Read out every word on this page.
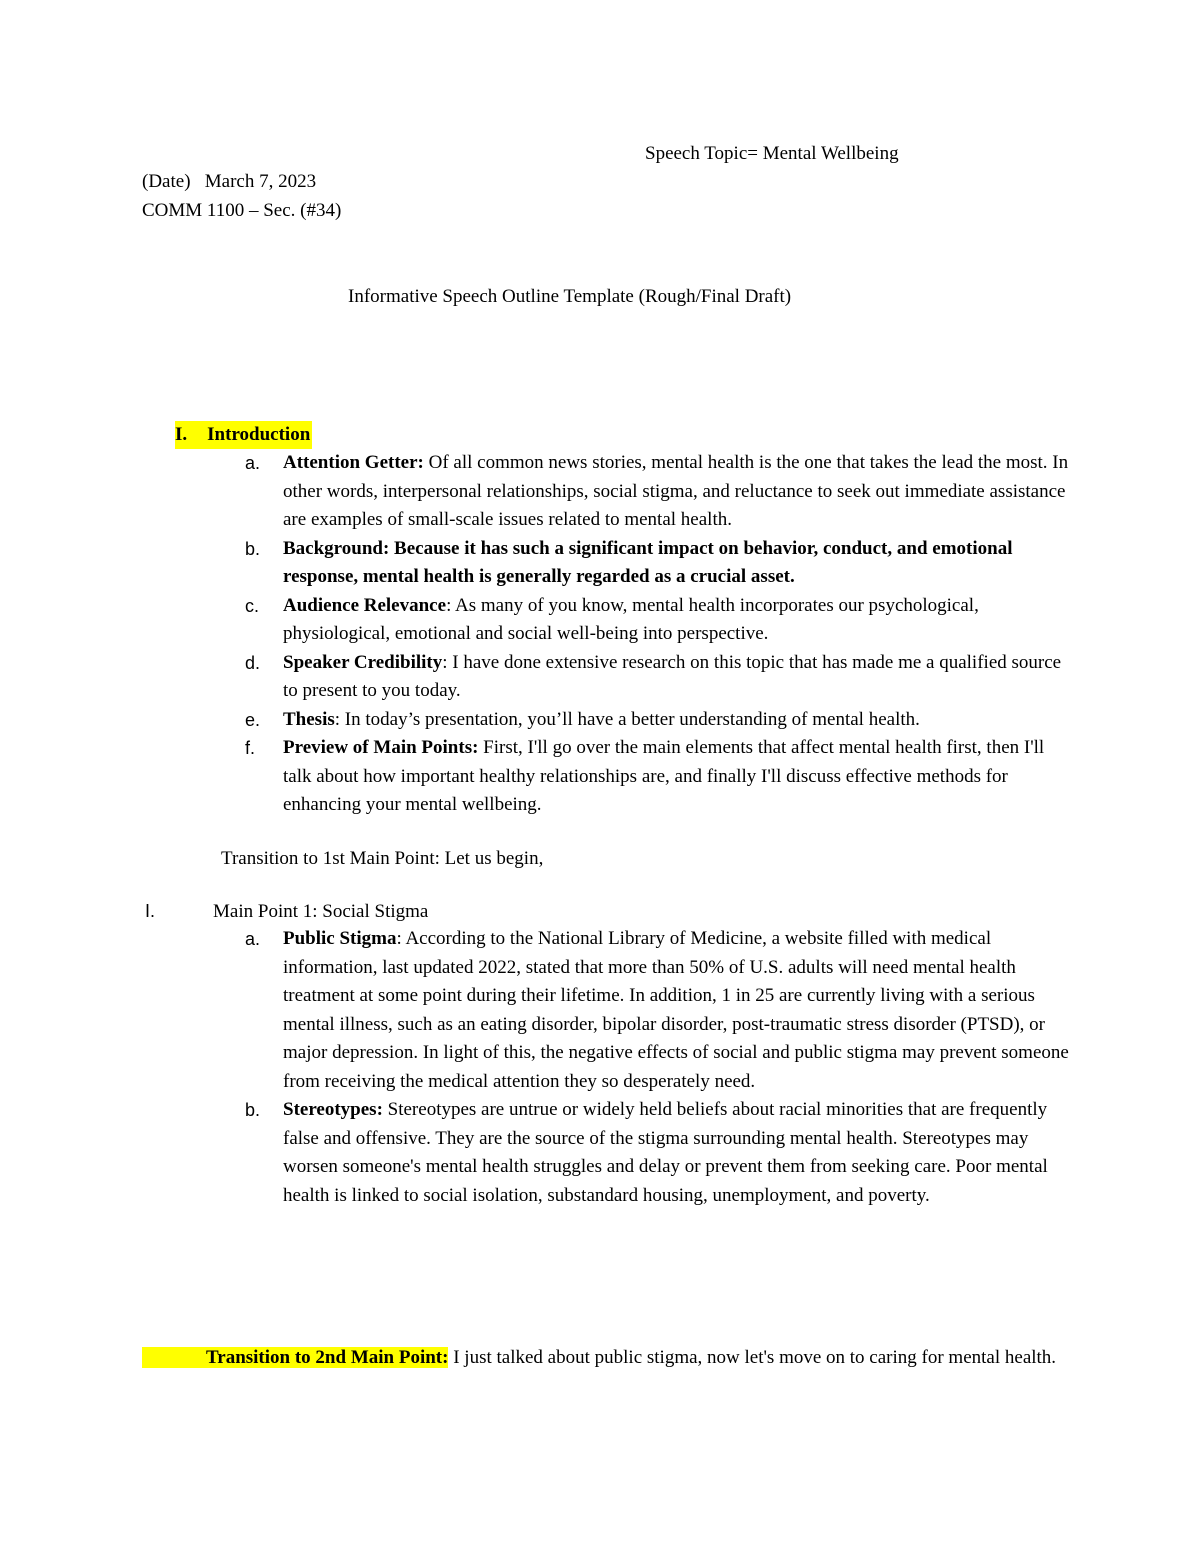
Speech Topic= Mental Wellbeing
(Date)   March 7, 2023
COMM 1100 – Sec. (#34)
Informative Speech Outline Template (Rough/Final Draft)
I. Introduction
a. Attention Getter: Of all common news stories, mental health is the one that takes the lead the most. In other words, interpersonal relationships, social stigma, and reluctance to seek out immediate assistance are examples of small-scale issues related to mental health.
b. Background: Because it has such a significant impact on behavior, conduct, and emotional response, mental health is generally regarded as a crucial asset.
c. Audience Relevance: As many of you know, mental health incorporates our psychological, physiological, emotional and social well-being into perspective.
d. Speaker Credibility: I have done extensive research on this topic that has made me a qualified source to present to you today.
e. Thesis: In today’s presentation, you’ll have a better understanding of mental health.
f. Preview of Main Points: First, I'll go over the main elements that affect mental health first, then I'll talk about how important healthy relationships are, and finally I'll discuss effective methods for enhancing your mental wellbeing.
Transition to 1st Main Point: Let us begin,
I.	Main Point 1: Social Stigma
a. Public Stigma: According to the National Library of Medicine, a website filled with medical information, last updated 2022, stated that more than 50% of U.S. adults will need mental health treatment at some point during their lifetime. In addition, 1 in 25 are currently living with a serious mental illness, such as an eating disorder, bipolar disorder, post-traumatic stress disorder (PTSD), or major depression. In light of this, the negative effects of social and public stigma may prevent someone from receiving the medical attention they so desperately need.
b. Stereotypes: Stereotypes are untrue or widely held beliefs about racial minorities that are frequently false and offensive. They are the source of the stigma surrounding mental health. Stereotypes may worsen someone's mental health struggles and delay or prevent them from seeking care. Poor mental health is linked to social isolation, substandard housing, unemployment, and poverty.
Transition to 2nd Main Point: I just talked about public stigma, now let's move on to caring for mental health.
